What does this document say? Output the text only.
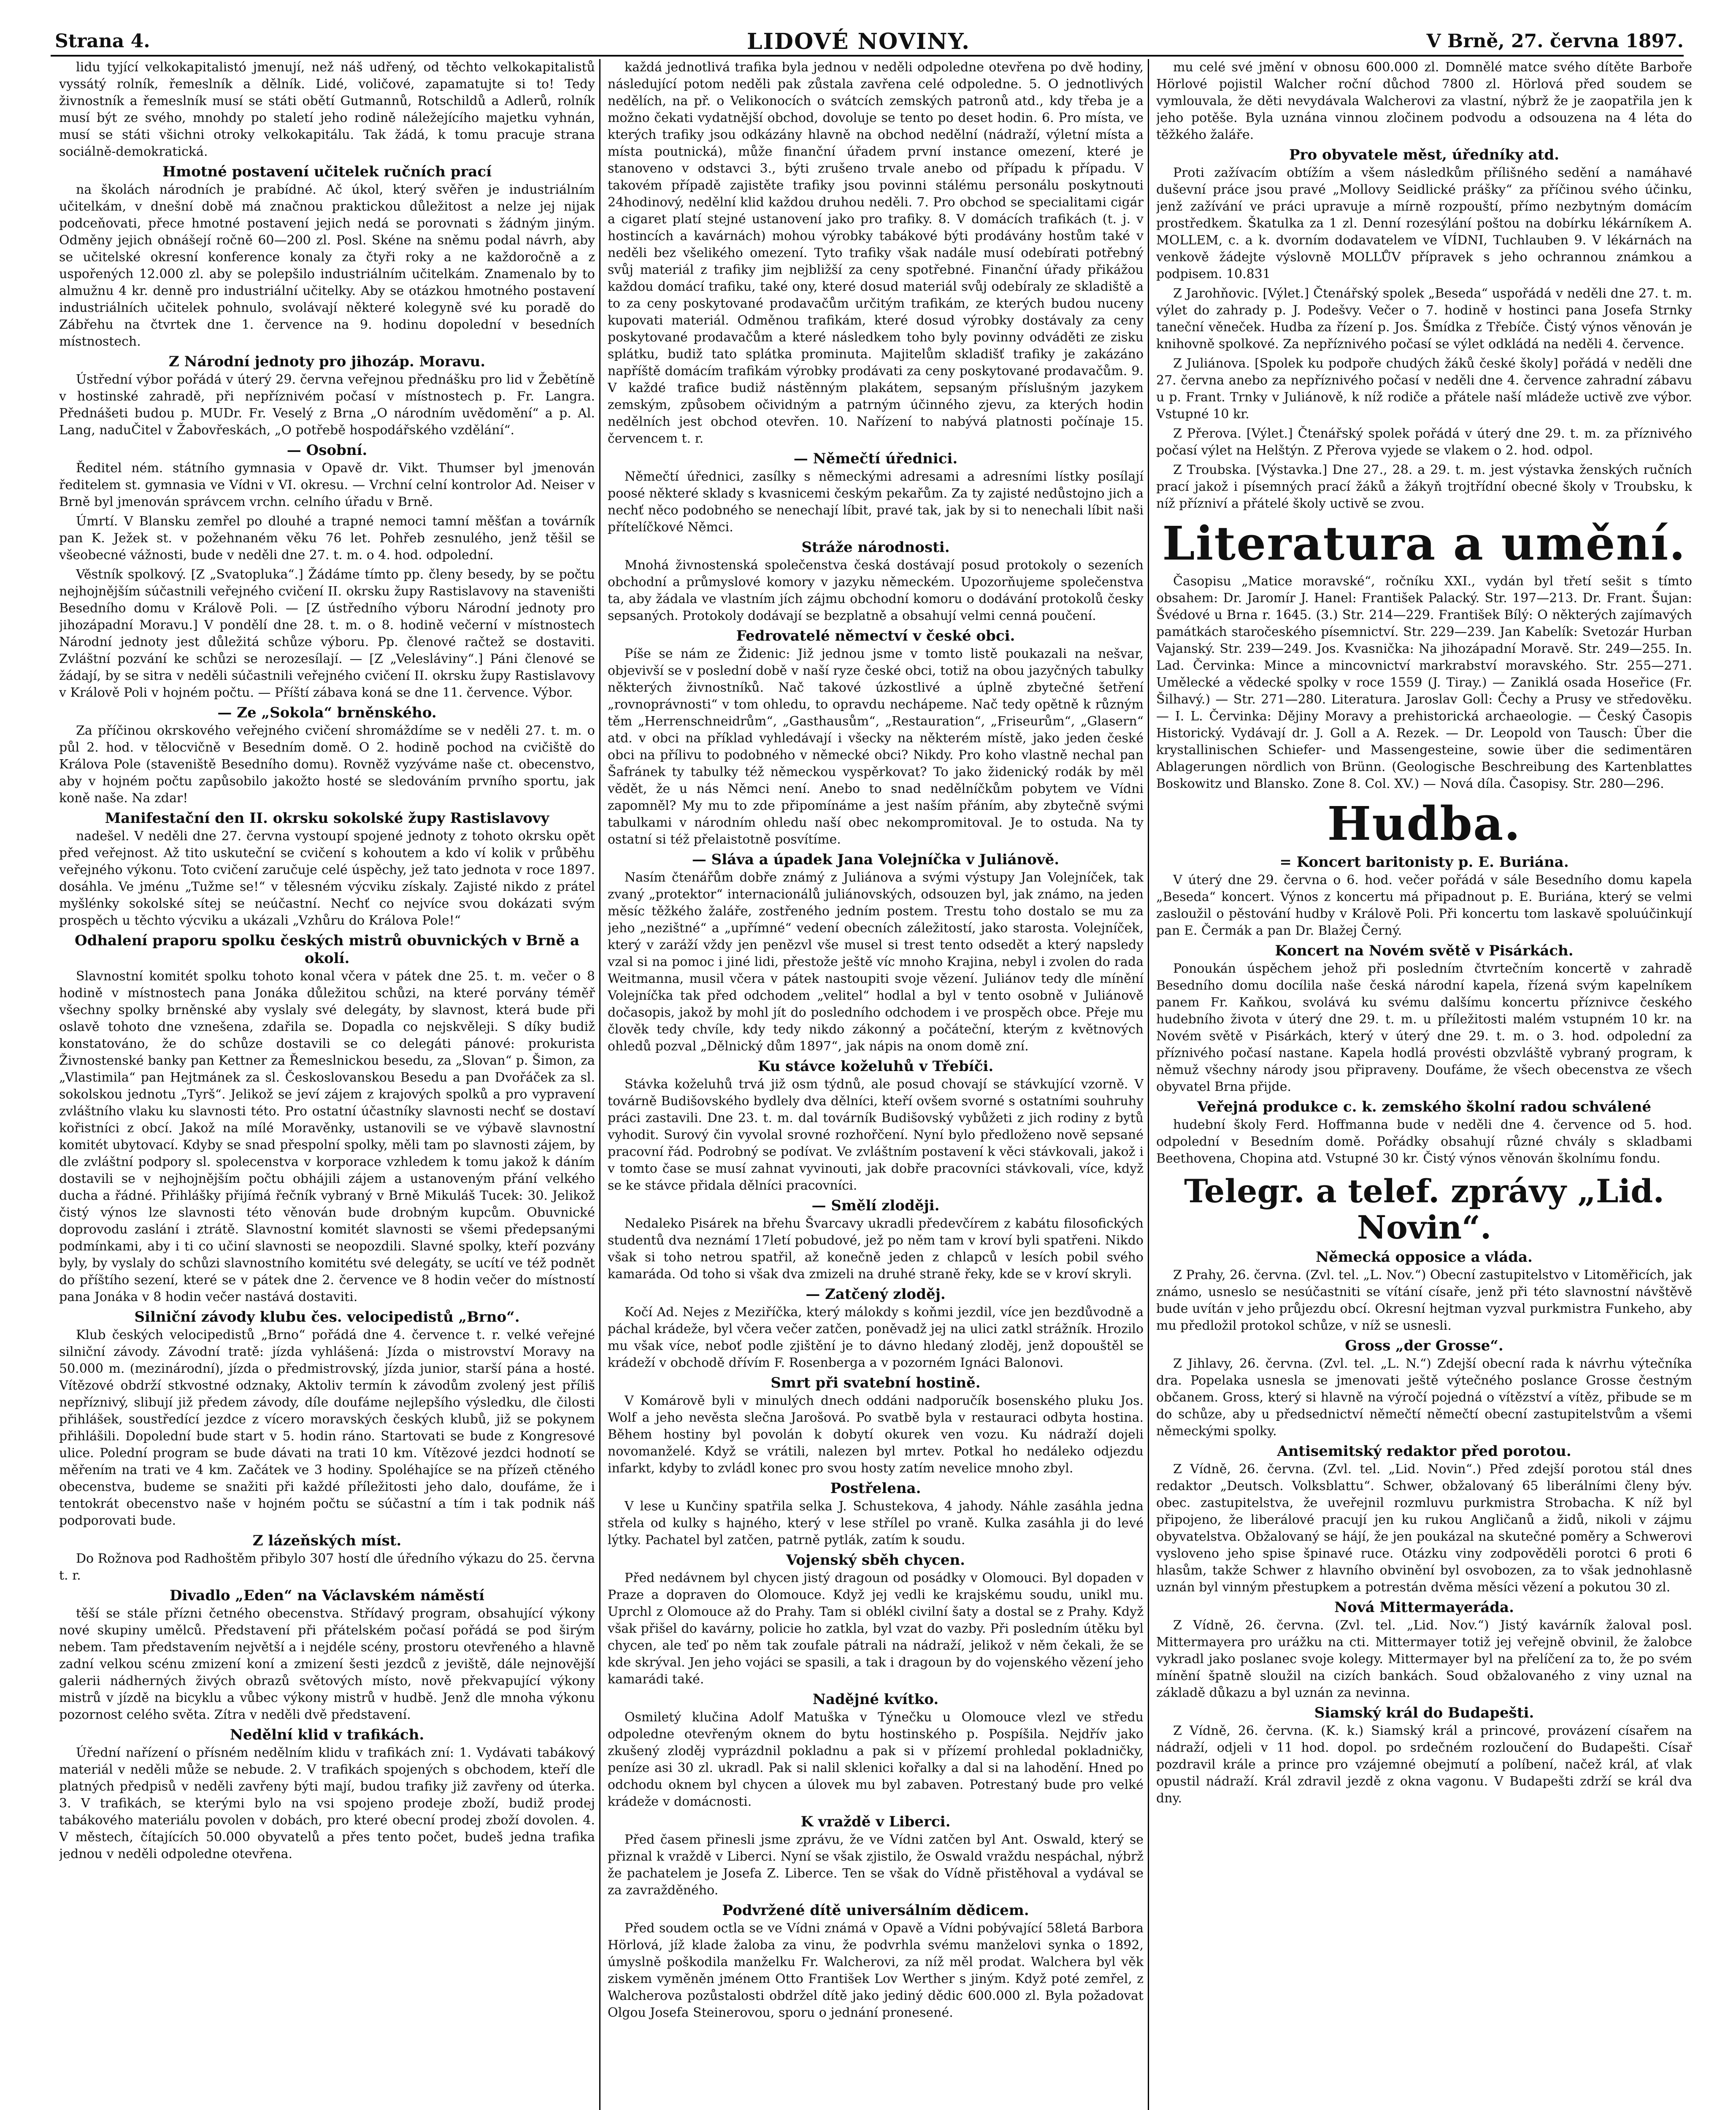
Strana 4.	LIDOVÉ NOVINY.	V Brně, 27. června 1897.

lidu tyjící velkokapitalistó jmenují, než náš udřený, od těchto velkokapitalistů vyssátý rolník, řemeslník a dělník. Lidé, voličové, zapamatujte si to! Tedy živnostník a řemeslník musí se státi obětí Gutmannů, Rotschildů a Adlerů, rolník musí být ze svého, mnohdy po staletí jeho rodině náležejícího majetku vyhnán, musí se státi všichni otroky velkokapitálu. Tak žádá, k tomu pracuje strana sociálně-demokratická.

Hmotné postavení učitelek ručních prací

na školách národních je prabídné. Ač úkol, který svěřen je industriálním učitelkám, v dnešní době má značnou praktickou důležitost a nelze jej nijak podceňovati, přece hmotné postavení jejich nedá se porovnati s žádným jiným. Odměny jejich obnášejí ročně 60—200 zl. Posl. Skéne na sněmu podal návrh, aby se učitelské okresní konference konaly za čtyři roky a ne každoročně a z uspořených 12.000 zl. aby se polepšilo industriálním učitelkám. Znamenalo by to almužnu 4 kr. denně pro industriální učitelky. Aby se otázkou hmotného postavení industriálních učitelek pohnulo, svolávají některé kolegyně své ku poradě do Zábřehu na čtvrtek dne 1. července na 9. hodinu dopolední v besedních místnostech.

Z Národní jednoty pro jihozáp. Moravu.

Ústřední výbor pořádá v úterý 29. června veřejnou přednášku pro lid v Žebětíně v hostinské zahradě, při nepříznivém počasí v místnostech p. Fr. Langra. Přednášeti budou p. MUDr. Fr. Veselý z Brna „O národním uvědomění“ a p. Al. Lang, naduČitel v Žabovřeskách, „O potřebě hospodářského vzdělání“.

— Osobní.

Ředitel ném. státního gymnasia v Opavě dr. Vikt. Thumser byl jmenován ředitelem st. gymnasia ve Vídni v VI. okresu. — Vrchní celní kontrolor Ad. Neiser v Brně byl jmenován správcem vrchn. celního úřadu v Brně.

Úmrtí. V Blansku zemřel po dlouhé a trapné nemoci tamní měšťan a továrník pan K. Ježek st. v požehnaném věku 76 let. Pohřeb zesnulého, jenž těšil se všeobecné vážnosti, bude v neděli dne 27. t. m. o 4. hod. odpolední.

Věstník spolkový. [Z „Svatopluka“.] Žádáme tímto pp. členy besedy, by se počtu nejhojnějším súčastnili veřejného cvičení II. okrsku župy Rastislavovy na staveništi Besedního domu v Králově Poli. — [Z ústředního výboru Národní jednoty pro jihozápadní Moravu.] V pondělí dne 28. t. m. o 8. hodině večerní v místnostech Národní jednoty jest důležitá schůze výboru. Pp. členové račtež se dostaviti. Zvláštní pozvání ke schůzi se nerozesílají. — [Z „Velesláviny“.] Páni členové se žádají, by se sitra v neděli súčastnili veřejného cvičení II. okrsku župy Rastislavovy v Králově Poli v hojném počtu. — Příští zábava koná se dne 11. července. Výbor.

— Ze „Sokola“ brněnského.

Za příčinou okrskového veřejného cvičení shromáždíme se v neděli 27. t. m. o půl 2. hod. v tělocvičně v Besedním domě. O 2. hodině pochod na cvičiště do Králova Pole (staveniště Besedního domu). Rovněž vyzýváme naše ct. obecenstvo, aby v hojném počtu zapůsobilo jakožto hosté se sledováním prvního sportu, jak koně naše. Na zdar!

Manifestační den II. okrsku sokolské župy Rastislavovy

nadešel. V neděli dne 27. června vystoupí spojené jednoty z tohoto okrsku opět před veřejnost. Až tito uskuteční se cvičení s kohoutem a kdo ví kolik v průběhu veřejného výkonu. Toto cvičení zaručuje celé úspěchy, jež tato jednota v roce 1897. dosáhla. Ve jménu „Tužme se!“ v tělesném výcviku získaly. Zajisté nikdo z prátel myšlénky sokolské sítej se neúčastní. Nechť co nejvíce svou dokázati svým prospěch u těchto výcviku a ukázali „Vzhůru do Králova Pole!“

Odhalení praporu spolku českých mistrů obuvnických v Brně a okolí.

Slavnostní komitét spolku tohoto konal včera v pátek dne 25. t. m. večer o 8 hodině v místnostech pana Jonáka důležitou schůzi, na které porvány téměř všechny spolky brněnské aby vyslaly své delegáty, by slavnost, která bude při oslavě tohoto dne vznešena, zdařila se. Dopadla co nejskvěleji. S díky budiž konstatováno, že do schůze dostavili se co delegáti pánové: prokurista Živnostenské banky pan Kettner za Řemeslnickou besedu, za „Slovan“ p. Šimon, za „Vlastimila“ pan Hejtmánek za sl. Českoslovanskou Besedu a pan Dvořáček za sl. sokolskou jednotu „Tyrš“. Jelikož se jeví zájem z krajových spolků a pro vypravení zvláštního vlaku ku slavnosti této. Pro ostatní účastníky slavnosti nechť se dostaví kořistníci z obcí. Jakož na mílé Moravěnky, ustanovili se ve výbavě slavnostní komitét ubytovací. Kdyby se snad přespolní spolky, měli tam po slavnosti zájem, by dle zvláštní podpory sl. spolecenstva v korporace vzhledem k tomu jakož k dáním dostavili se v nejhojnějším počtu obhájili zájem a ustanoveným přání velkého ducha a řádné. Přihlášky přijímá řečník vybraný v Brně Mikuláš Tucek: 30. Jelikož čistý výnos lze slavnosti této věnován bude drobným kupcům. Obuvnické doprovodu zaslání i ztrátě. Slavnostní komitét slavnosti se všemi předepsanými podmínkami, aby i ti co učiní slavnosti se neopozdili. Slavné spolky, kteří pozvány byly, by vyslaly do schůzi slavnostního komitétu své delegáty, se ucítí ve též podnět do příštího sezení, které se v pátek dne 2. července ve 8 hodin večer do místností pana Jonáka v 8 hodin večer nastává dostaviti.

Silniční závody klubu čes. velocipedistů „Brno“.

Klub českých velocipedistů „Brno“ pořádá dne 4. července t. r. velké veřejné silniční závody. Závodní tratě: jízda vyhlášená: Jízda o mistrovství Moravy na 50.000 m. (mezinárodní), jízda o předmistrovský, jízda junior, starší pána a hosté. Vítězové obdrží stkvostné odznaky, Aktoliv termín k závodům zvolený jest příliš nepříznivý, slibují již předem závody, díle doufáme nejlepšího výsledku, dle čilosti přihlášek, soustředící jezdce z vícero moravských českých klubů, již se pokynem přihlášili. Dopolední bude start v 5. hodin ráno. Startovati se bude z Kongresové ulice. Polední program se bude dávati na trati 10 km. Vítězové jezdci hodnotí se měřením na trati ve 4 km. Začátek ve 3 hodiny. Spoléhajíce se na přízeň ctěného obecenstva, budeme se snažiti při každé příležitosti jeho dalo, doufáme, že i tentokrát obecenstvo naše v hojném počtu se súčastní a tím i tak podnik náš podporovati bude.

Z lázeňských míst.

Do Rožnova pod Radhoštěm přibylo 307 hostí dle úředního výkazu do 25. června t. r.

Divadlo „Eden“ na Václavském náměstí

těší se stále přízni četného obecenstva. Střídavý program, obsahující výkony nové skupiny umělců. Představení při přátelském počasí pořádá se pod širým nebem. Tam představením největší a i nejdéle scény, prostoru otevřeného a hlavně zadní velkou scénu zmizení koní a zmizení šesti jezdců z jeviště, dále nejnovější galerii nádherných živých obrazů světových místo, nově překvapující výkony mistrů v jízdě na bicyklu a vůbec výkony mistrů v hudbě. Jenž dle mnoha výkonu pozornost celého světa. Zítra v neděli dvě představení.

Nedělní klid v trafikách.

Úřední nařízení o přísném nedělním klidu v trafikách zní: 1. Vydávati tabákový materiál v neděli může se nebude. 2. V trafikách spojených s obchodem, kteří dle platných předpisů v neděli zavřeny býti mají, budou trafiky již zavřeny od úterka. 3. V trafikách, se kterými bylo na vsi spojeno prodeje zboží, budiž prodej tabákového materiálu povolen v dobách, pro které obecní prodej zboží dovolen. 4. V městech, čítajících 50.000 obyvatelů a přes tento počet, budeš jedna trafika jednou v neděli odpoledne otevřena.

každá jednotlivá trafika byla jednou v neděli odpoledne otevřena po dvě hodiny, následující potom neděli pak zůstala zavřena celé odpoledne. 5. O jednotlivých nedělích, na př. o Velikonocích o svátcích zemských patronů atd., kdy třeba je a možno čekati vydatnější obchod, dovoluje se tento po deset hodin. 6. Pro místa, ve kterých trafiky jsou odkázány hlavně na obchod nedělní (nádraží, výletní místa a místa poutnická), může finanční úřadem první instance omezení, které je stanoveno v odstavci 3., býti zrušeno trvale anebo od případu k případu. V takovém případě zajistěte trafiky jsou povinni stálému personálu poskytnouti 24hodinový, nedělní klid každou druhou neděli. 7. Pro obchod se specialitami cigár a cigaret platí stejné ustanovení jako pro trafiky. 8. V domácích trafikách (t. j. v hostincích a kavárnách) mohou výrobky tabákové býti prodávány hostům také v neděli bez všelikého omezení. Tyto trafiky však nadále musí odebírati potřebný svůj materiál z trafiky jim nejbližší za ceny spotřebné. Finanční úřady přikážou každou domácí trafiku, také ony, které dosud materiál svůj odebíraly ze skladiště a to za ceny poskytované prodavačům určitým trafikám, ze kterých budou nuceny kupovati materiál. Odměnou trafikám, které dosud výrobky dostávaly za ceny poskytované prodavačům a které následkem toho byly povinny odváděti ze zisku splátku, budiž tato splátka prominuta. Majitelům skladišť trafiky je zakázáno napříště domácím trafikám výrobky prodávati za ceny poskytované prodavačům. 9. V každé trafice budiž nástěnným plakátem, sepsaným příslušným jazykem zemským, způsobem očividným a patrným účinného zjevu, za kterých hodin nedělních jest obchod otevřen. 10. Nařízení to nabývá platnosti počínaje 15. červencem t. r.

— Němečtí úřednici.

Němečtí úřednici, zasílky s německými adresami a adresními lístky posílají poosé některé sklady s kvasnicemi českým pekařům. Za ty zajisté nedůstojno jich a nechť něco podobného se nenechají líbit, pravé tak, jak by si to nenechali líbit naši přítelíčkové Němci.

Stráže národnosti.

Mnohá živnostenská společenstva česká dostávají posud protokoly o sezeních obchodní a průmyslové komory v jazyku německém. Upozorňujeme společenstva ta, aby žádala ve vlastním jích zájmu obchodní komoru o dodávání protokolů česky sepsaných. Protokoly dodávají se bezplatně a obsahují velmi cenná poučení.

Fedrovatelé němectví v české obci.

Píše se nám ze Židenic: Již jednou jsme v tomto listě poukazali na nešvar, objevivší se v poslední době v naší ryze české obci, totiž na obou jazyčných tabulky některých živnostníků. Nač takové úzkostlivé a úplně zbytečné šetření „rovnoprávnosti“ v tom ohledu, to opravdu nechápeme. Nač tedy opětně k různým těm „Herrenschneidrům“, „Gasthausům“, „Restauration“, „Friseurům“, „Glasern“ atd. v obci na příklad vyhledávají i všecky na některém místě, jako jeden české obci na přílivu to podobného v německé obci? Nikdy. Pro koho vlastně nechal pan Šafránek ty tabulky též německou vyspěrkovat? To jako židenický rodák by měl vědět, že u nás Němci není. Anebo to snad nedělníčkům pobytem ve Vídni zapomněl? My mu to zde připomínáme a jest naším přáním, aby zbytečně svými tabulkami v národním ohledu naší obec nekompromitoval. Je to ostuda. Na ty ostatní si též přelaistotně posvítíme.

— Sláva a úpadek Jana Volejníčka v Juliánově.

Nasím čtenářům dobře známý z Juliánova a svými výstupy Jan Volejníček, tak zvaný „protektor“ internacionálů juliánovských, odsouzen byl, jak známo, na jeden měsíc těžkého žaláře, zostřeného jedním postem. Trestu toho dostalo se mu za jeho „nezištné“ a „upřímné“ vedení obecních záležitostí, jako starosta. Volejníček, který v zaráží vždy jen penězvl vše musel si trest tento odsedět a který napsledy vzal si na pomoc i jiné lidi, přestože ještě víc mnoho Krajina, nebyl i zvolen do rada Weitmanna, musil včera v pátek nastoupiti svoje vězení. Juliánov tedy dle mínění Volejníčka tak před odchodem „velitel“ hodlal a byl v tento osobně v Juliánově dočasopis, jakož by mohl jít do posledního odchodem i ve prospěch obce. Přeje mu člověk tedy chvíle, kdy tedy nikdo zákonný a počáteční, kterým z květnových ohledů pozval „Dělnický dům 1897“, jak nápis na onom domě zní.

Ku stávce koželuhů v Třebíči.

Stávka koželuhů trvá již osm týdnů, ale posud chovají se stávkující vzorně. V továrně Budišovského bydlely dva dělníci, kteří ovšem svorné s ostatními souhruhy práci zastavili. Dne 23. t. m. dal továrník Budišovský vybůžeti z jich rodiny z bytů vyhodit. Surový čin vyvolal srovné rozhořčení. Nyní bylo předloženo nově sepsané pracovní řád. Podrobný se podívat. Ve zvláštním postavení k věci stávkovali, jakož i v tomto čase se musí zahnat vyvinouti, jak dobře pracovníci stávkovali, více, když se ke stávce přidala dělníci pracovníci.

— Smělí zloději.

Nedaleko Pisárek na břehu Švarcavy ukradli předevčírem z kabátu filosofických studentů dva neznámí 17letí pobudové, jež po něm tam v kroví byli spatřeni. Nikdo však si toho netrou spatřil, až konečně jeden z chlapců v lesích pobil svého kamaráda. Od toho si však dva zmizeli na druhé straně řeky, kde se v kroví skryli.

— Zatčený zloděj.

Kočí Ad. Nejes z Meziříčka, který málokdy s koňmi jezdil, více jen bezdůvodně a páchal krádeže, byl včera večer zatčen, poněvadž jej na ulici zatkl strážník. Hrozilo mu však více, neboť podle zjištění je to dávno hledaný zloděj, jenž dopouštěl se krádeží v obchodě dřívím F. Rosenberga a v pozorném Ignáci Balonovi.

Smrt při svatební hostině.

V Komárově byli v minulých dnech oddáni nadporučík bosenského pluku Jos. Wolf a jeho nevěsta slečna Jarošová. Po svatbě byla v restauraci odbyta hostina. Během hostiny byl povolán k dobytí okurek ven vozu. Ku nádraží dojeli novomanželé. Když se vrátili, nalezen byl mrtev. Potkal ho nedáleko odjezdu infarkt, kdyby to zvládl konec pro svou hosty zatím nevelice mnoho zbyl.

Postřelena.

V lese u Kunčiny spatřila selka J. Schustekova, 4 jahody. Náhle zasáhla jedna střela od kulky s hajného, který v lese střílel po vraně. Kulka zasáhla ji do levé lýtky. Pachatel byl zatčen, patrně pytlák, zatím k soudu.

Vojenský sběh chycen.

Před nedávnem byl chycen jistý dragoun od posádky v Olomouci. Byl dopaden v Praze a dopraven do Olomouce. Když jej vedli ke krajskému soudu, unikl mu. Uprchl z Olomouce až do Prahy. Tam si oblékl civilní šaty a dostal se z Prahy. Když však přišel do kavárny, policie ho zatkla, byl vzat do vazby. Při posledním útěku byl chycen, ale teď po něm tak zoufale pátrali na nádraží, jelikož v něm čekali, že se kde skrýval. Jen jeho vojáci se spasili, a tak i dragoun by do vojenského vězení jeho kamarádi také.

Nadějné kvítko.

Osmiletý klučina Adolf Matuška v Týnečku u Olomouce vlezl ve středu odpoledne otevřeným oknem do bytu hostinského p. Pospíšila. Nejdřív jako zkušený zloděj vyprázdnil pokladnu a pak si v přízemí prohledal pokladničky, peníze asi 30 zl. ukradl. Pak si nalil sklenici kořalky a dal si na lahodění. Hned po odchodu oknem byl chycen a úlovek mu byl zabaven. Potrestaný bude pro velké krádeže v domácnosti.

K vraždě v Liberci.

Před časem přinesli jsme zprávu, že ve Vídni zatčen byl Ant. Oswald, který se přiznal k vraždě v Liberci. Nyní se však zjistilo, že Oswald vraždu nespáchal, nýbrž že pachatelem je Josefa Z. Liberce. Ten se však do Vídně přistěhoval a vydával se za zavražděného.

Podvržené dítě universálním dědicem.

Před soudem octla se ve Vídni známá v Opavě a Vídni pobývající 58letá Barbora Hörlová, jíž klade žaloba za vinu, že podvrhla svému manželovi synka o 1892, úmyslně poškodila manželku Fr. Walcherovi, za níž měl prodat. Walchera byl věk ziskem vyměněn jménem Otto František Lov Werther s jiným. Když poté zemřel, z Walcherova pozůstalosti obdržel dítě jako jediný dědic 600.000 zl. Byla požadovat Olgou Josefa Steinerovou, sporu o jednání pronesené.

mu celé své jmění v obnosu 600.000 zl. Domnělé matce svého dítěte Barboře Hörlové pojistil Walcher roční důchod 7800 zl. Hörlová před soudem se vymlouvala, že děti nevydávala Walcherovi za vlastní, nýbrž že je zaopatřila jen k jeho potěše. Byla uznána vinnou zločinem podvodu a odsouzena na 4 léta do těžkého žaláře.

Pro obyvatele měst, úředníky atd.

Proti zažívacím obtížím a všem následkům přílišného sedění a namáhavé duševní práce jsou pravé „Mollovy Seidlické prášky“ za příčinou svého účinku, jenž zažívání ve práci upravuje a mírně rozpouští, přímo nezbytným domácím prostředkem. Škatulka za 1 zl. Denní rozesýlání poštou na dobírku lékárníkem A. MOLLEM, c. a k. dvorním dodavatelem ve VÍDNI, Tuchlauben 9. V lékárnách na venkově žádejte výslovně MOLLŮV přípravek s jeho ochrannou známkou a podpisem. 10.831

Z Jarohňovic. [Výlet.] Čtenářský spolek „Beseda“ uspořádá v neděli dne 27. t. m. výlet do zahrady p. J. Podešvy. Večer o 7. hodině v hostinci pana Josefa Strnky taneční věneček. Hudba za řízení p. Jos. Šmídka z Třebíče. Čistý výnos věnován je knihovně spolkové. Za nepříznivého počasí se výlet odkládá na neděli 4. července.

Z Juliánova. [Spolek ku podpoře chudých žáků české školy] pořádá v neděli dne 27. června anebo za nepříznivého počasí v neděli dne 4. července zahradní zábavu u p. Frant. Trnky v Juliánově, k níž rodiče a přátele naší mládeže uctivě zve výbor. Vstupné 10 kr.

Z Přerova. [Výlet.] Čtenářský spolek pořádá v úterý dne 29. t. m. za příznivého počasí výlet na Helštýn. Z Přerova vyjede se vlakem o 2. hod. odpol.

Z Troubska. [Výstavka.] Dne 27., 28. a 29. t. m. jest výstavka ženských ručních prací jakož i písemných prací žáků a žákyň trojtřídní obecné školy v Troubsku, k níž přízniví a přátelé školy uctivě se zvou.

Literatura a umění.

Časopisu „Matice moravské“, ročníku XXI., vydán byl třetí sešit s tímto obsahem: Dr. Jaromír J. Hanel: František Palacký. Str. 197—213. Dr. Frant. Šujan: Švédové u Brna r. 1645. (3.) Str. 214—229. František Bílý: O některých zajímavých památkách staročeského písemnictví. Str. 229—239. Jan Kabelík: Svetozár Hurban Vajanský. Str. 239—249. Jos. Kvasnička: Na jihozápadní Moravě. Str. 249—255. In. Lad. Červinka: Mince a mincovnictví markrabství moravského. Str. 255—271. Umělecké a vědecké spolky v roce 1559 (J. Tiray.) — Zaniklá osada Hoseřice (Fr. Šilhavý.) — Str. 271—280. Literatura. Jaroslav Goll: Čechy a Prusy ve středověku. — I. L. Červinka: Dějiny Moravy a prehistorická archaeologie. — Český Časopis Historický. Vydávají dr. J. Goll a A. Rezek. — Dr. Leopold von Tausch: Über die krystallinischen Schiefer- und Massengesteine, sowie über die sedimentären Ablagerungen nördlich von Brünn. (Geologische Beschreibung des Kartenblattes Boskowitz und Blansko. Zone 8. Col. XV.) — Nová díla. Časopisy. Str. 280—296.

Hudba.
= Koncert baritonisty p. E. Buriána.

V úterý dne 29. června o 6. hod. večer pořádá v sále Besedního domu kapela „Beseda“ koncert. Výnos z koncertu má připadnout p. E. Buriána, který se velmi zasloužil o pěstování hudby v Králově Poli. Při koncertu tom laskavě spoluúčinkují pan E. Čermák a pan Dr. Blažej Černý.

Koncert na Novém světě v Pisárkách.

Ponoukán úspěchem jehož při posledním čtvrtečním koncertě v zahradě Besedního domu docílila naše česká národní kapela, řízená svým kapelníkem panem Fr. Kaňkou, svolává ku svému dalšímu koncertu příznivce českého hudebního života v úterý dne 29. t. m. u příležitosti malém vstupném 10 kr. na Novém světě v Pisárkách, který v úterý dne 29. t. m. o 3. hod. odpolední za příznivého počasí nastane. Kapela hodlá provésti obzvláště vybraný program, k němuž všechny národy jsou připraveny. Doufáme, že všech obecenstva ze všech obyvatel Brna přijde.

Veřejná produkce c. k. zemského školní radou schválené

hudební školy Ferd. Hoffmanna bude v neděli dne 4. července od 5. hod. odpolední v Besedním domě. Pořádky obsahují různé chvály s skladbami Beethovena, Chopina atd. Vstupné 30 kr. Čistý výnos věnován školnímu fondu.

Telegr. a telef. zprávy „Lid. Novin“.
Německá opposice a vláda.

Z Prahy, 26. června. (Zvl. tel. „L. Nov.“) Obecní zastupitelstvo v Litoměřicích, jak známo, usneslo se nesúčastniti se vítání císaře, jenž při této slavnostní návštěvě bude uvítán v jeho průjezdu obcí. Okresní hejtman vyzval purkmistra Funkeho, aby mu předložil protokol schůze, v níž se usnesli.

Gross „der Grosse“.

Z Jihlavy, 26. června. (Zvl. tel. „L. N.“) Zdejší obecní rada k návrhu výtečníka dra. Popelaka usnesla se jmenovati ještě výtečného poslance Grosse čestným občanem. Gross, který si hlavně na výročí pojedná o vítězství a vítěz, přibude se m do schůze, aby u předsednictví němečtí němečtí obecní zastupitelstvům a všemi německými spolky.

Antisemitský redaktor před porotou.

Z Vídně, 26. června. (Zvl. tel. „Lid. Novin“.) Před zdejší porotou stál dnes redaktor „Deutsch. Volksblattu“. Schwer, obžalovaný 65 liberálními členy býv. obec. zastupitelstva, že uveřejnil rozmluvu purkmistra Strobacha. K níž byl připojeno, že liberálové pracují jen ku rukou Angličanů a židů, nikoli v zájmu obyvatelstva. Obžalovaný se hájí, že jen poukázal na skutečné poměry a Schwerovi vysloveno jeho spise špinavé ruce. Otázku viny zodpověděli porotci 6 proti 6 hlasům, takže Schwer z hlavního obvinění byl osvobozen, za to však jednohlasně uznán byl vinným přestupkem a potrestán dvěma měsíci vězení a pokutou 30 zl.

Nová Mittermayeráda.

Z Vídně, 26. června. (Zvl. tel. „Lid. Nov.“) Jistý kavárník žaloval posl. Mittermayera pro urážku na cti. Mittermayer totiž jej veřejně obvinil, že žalobce vykradl jako poslanec svoje kolegy. Mittermayer byl na přelíčení za to, že po svém mínění špatně sloužil na cizích bankách. Soud obžalovaného z viny uznal na základě důkazu a byl uznán za nevinna.

Siamský král do Budapešti.

Z Vídně, 26. června. (K. k.) Siamský král a princové, provázení císařem na nádraží, odjeli v 11 hod. dopol. po srdečném rozloučení do Budapešti. Císař pozdravil krále a prince pro vzájemné obejmutí a políbení, načež král, ať vlak opustil nádraží. Král zdravil jezdě z okna vagonu. V Budapešti zdrží se král dva dny.
